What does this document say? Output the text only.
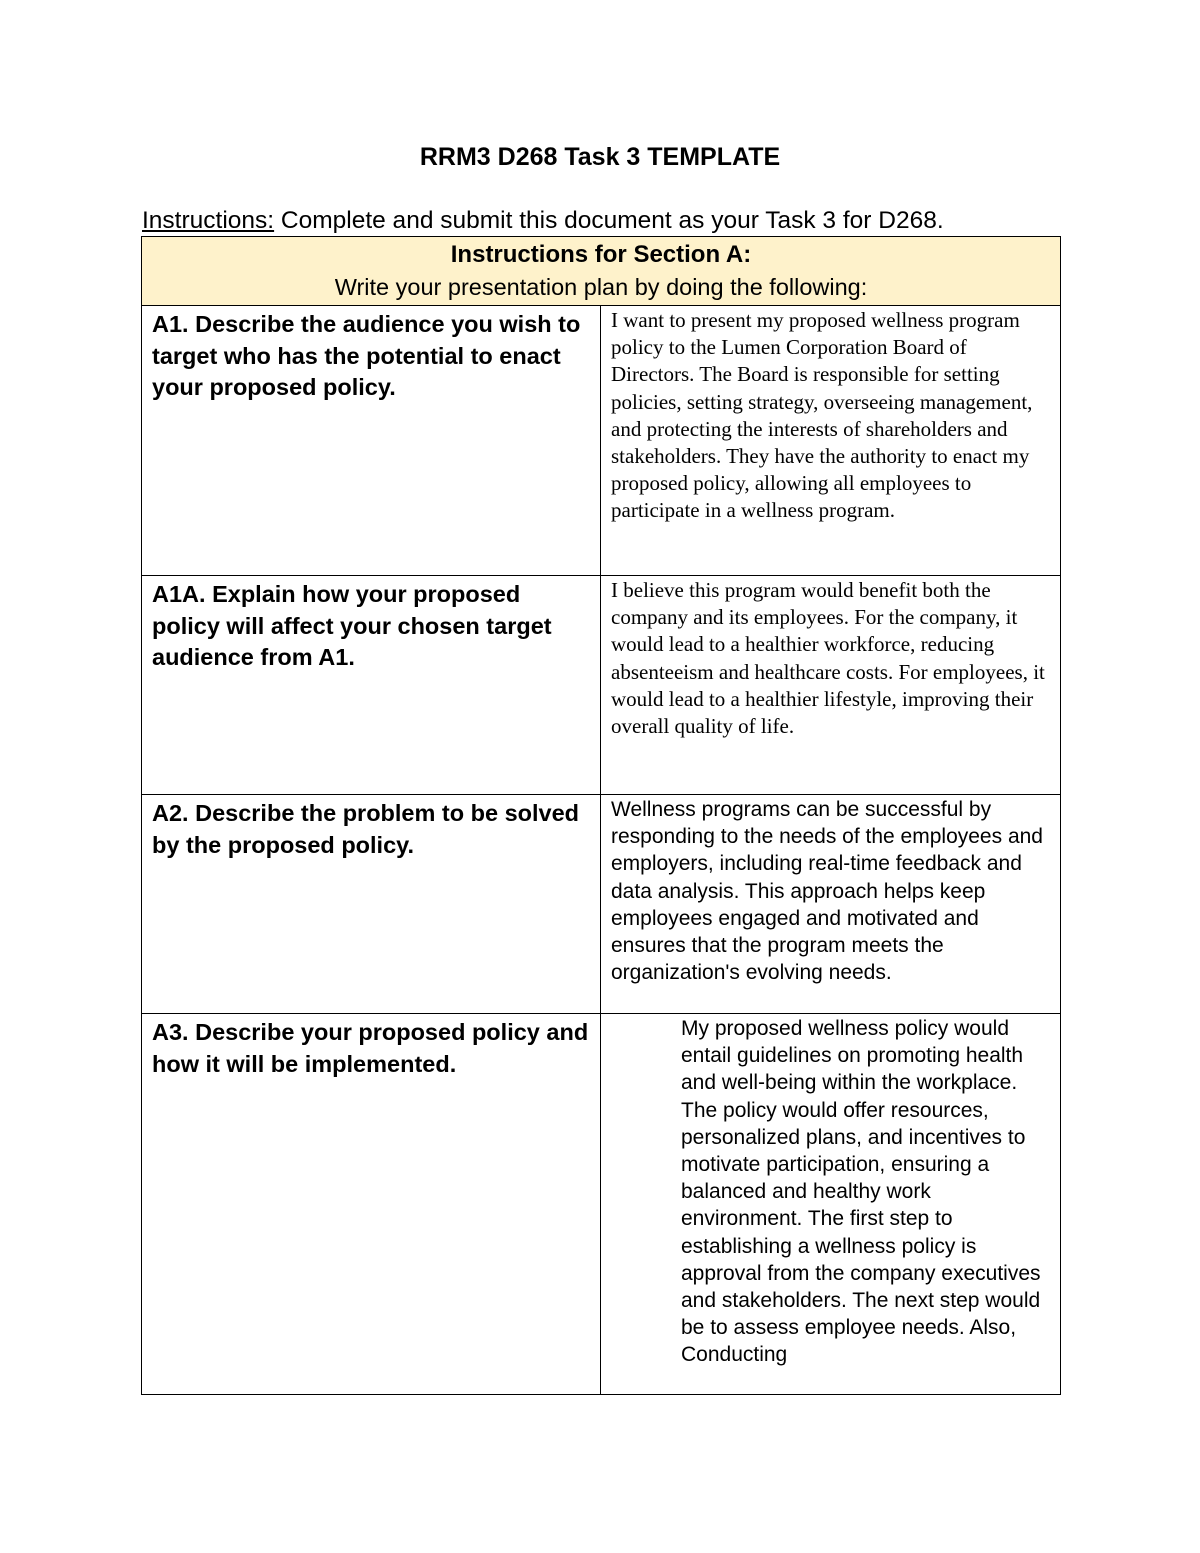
RRM3 D268 Task 3 TEMPLATE
Instructions: Complete and submit this document as your Task 3 for D268.
Instructions for Section A:
Write your presentation plan by doing the following:	

A1. Describe the audience you wish to target who has the potential to enact your proposed policy.	I want to present my proposed wellness program policy to the Lumen Corporation Board of Directors. The Board is responsible for setting policies, setting strategy, overseeing management, and protecting the interests of shareholders and stakeholders. They have the authority to enact my proposed policy, allowing all employees to participate in a wellness program.
A1A. Explain how your proposed policy will affect your chosen target audience from A1.	I believe this program would benefit both the company and its employees. For the company, it would lead to a healthier workforce, reducing absenteeism and healthcare costs. For employees, it would lead to a healthier lifestyle, improving their overall quality of life.
A2. Describe the problem to be solved by the proposed policy.	Wellness programs can be successful by responding to the needs of the employees and employers, including real-time feedback and data analysis. This approach helps keep employees engaged and motivated and ensures that the program meets the organization's evolving needs.
A3. Describe your proposed policy and how it will be implemented.	My proposed wellness policy would entail guidelines on promoting health and well-being within the workplace. The policy would offer resources, personalized plans, and incentives to motivate participation, ensuring a balanced and healthy work environment. The first step to establishing a wellness policy is approval from the company executives and stakeholders. The next step would be to assess employee needs. Also, Conducting
